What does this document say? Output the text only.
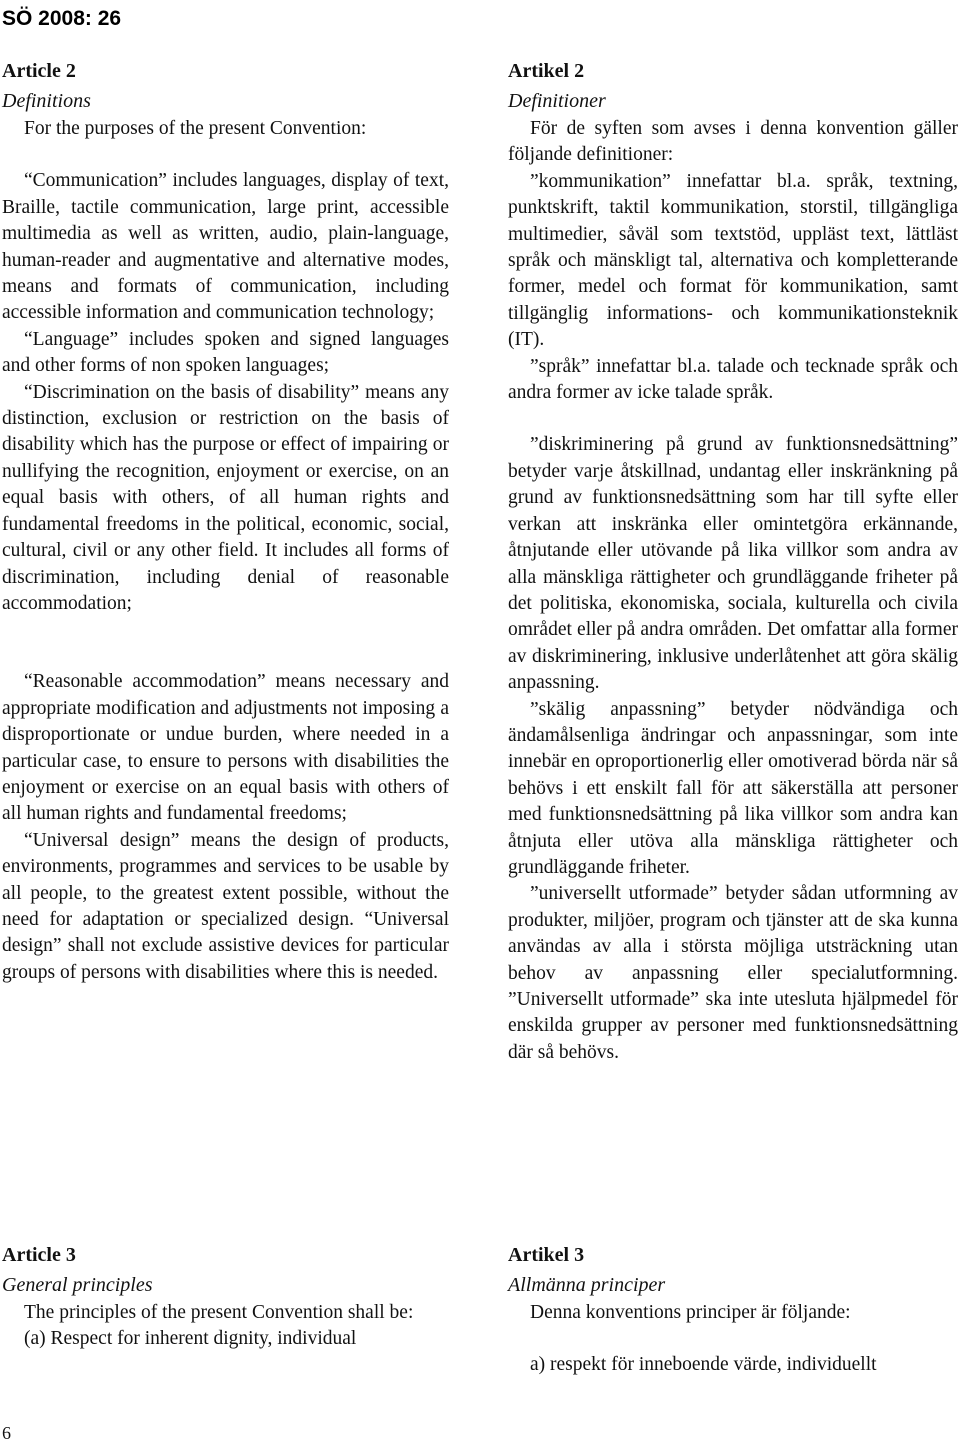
SÖ 2008: 26

Article 2

Definitions

For the purposes of the present Convention:

“Communication” includes languages, display of text, Braille, tactile communication, large print, accessible multimedia as well as written, audio, plain-language, human-reader and augmentative and alternative modes, means and formats of communication, including accessible information and communication technology;

“Language” includes spoken and signed languages and other forms of non spoken languages;

“Discrimination on the basis of disability” means any distinction, exclusion or restriction on the basis of disability which has the purpose or effect of impairing or nullifying the recognition, enjoyment or exercise, on an equal basis with others, of all human rights and fundamental freedoms in the political, economic, social, cultural, civil or any other field. It includes all forms of discrimination, including denial of reasonable accommodation;

“Reasonable accommodation” means necessary and appropriate modification and adjustments not imposing a disproportionate or undue burden, where needed in a particular case, to ensure to persons with disabilities the enjoyment or exercise on an equal basis with others of all human rights and fundamental freedoms;

“Universal design” means the design of products, environments, programmes and services to be usable by all people, to the greatest extent possible, without the need for adaptation or specialized design. “Universal design” shall not exclude assistive devices for particular groups of persons with disabilities where this is needed.

Artikel 2

Definitioner

För de syften som avses i denna konvention gäller följande definitioner:

”kommunikation” innefattar bl.a. språk, textning, punktskrift, taktil kommunikation, storstil, tillgängliga multimedier, såväl som textstöd, uppläst text, lättläst språk och mänskligt tal, alternativa och kompletterande former, medel och format för kommunikation, samt tillgänglig informations- och kommunikationsteknik (IT).

”språk” innefattar bl.a. talade och tecknade språk och andra former av icke talade språk.

”diskriminering på grund av funktionsnedsättning” betyder varje åtskillnad, undantag eller inskränkning på grund av funktionsnedsättning som har till syfte eller verkan att inskränka eller omintetgöra erkännande, åtnjutande eller utövande på lika villkor som andra av alla mänskliga rättigheter och grundläggande friheter på det politiska, ekonomiska, sociala, kulturella och civila området eller på andra områden. Det omfattar alla former av diskriminering, inklusive underlåtenhet att göra skälig anpassning.

”skälig anpassning” betyder nödvändiga och ändamålsenliga ändringar och anpassningar, som inte innebär en oproportionerlig eller omotiverad börda när så behövs i ett enskilt fall för att säkerställa att personer med funktionsnedsättning på lika villkor som andra kan åtnjuta eller utöva alla mänskliga rättigheter och grundläggande friheter.

”universellt utformade” betyder sådan utformning av produkter, miljöer, program och tjänster att de ska kunna användas av alla i största möjliga utsträckning utan behov av anpassning eller specialutformning. ”Universellt utformade” ska inte utesluta hjälpmedel för enskilda grupper av personer med funktionsnedsättning där så behövs.

Article 3

General principles

The principles of the present Convention shall be:

(a) Respect for inherent dignity, individual

Artikel 3

Allmänna principer

Denna konventions principer är följande:

a) respekt för inneboende värde, individuellt

6
